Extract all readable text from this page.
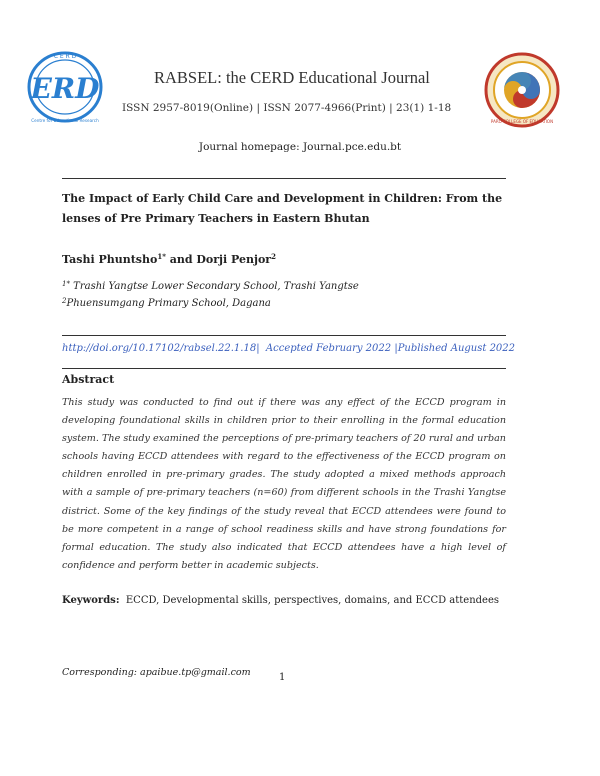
C E R D
ERD
Centre for Educational Research
RABSEL: the CERD Educational Journal
ISSN 2957-8019(Online) | ISSN 2077-4966(Print) | 23(1) 1-18
PARO COLLEGE OF EDUCATION
Journal homepage: Journal.pce.edu.bt
The Impact of Early Child Care and Development in Children: From the lenses of Pre Primary Teachers in Eastern Bhutan
Tashi Phuntsho$^{1*}$ and Dorji Penjor$^2$
$^{1*}$ Trashi Yangtse Lower Secondary School, Trashi Yangtse
$^2$Phuensumgang Primary School, Dagana
http://doi.org/10.17102/rabsel.22.1.18| Accepted February 2022 |Published August 2022
Abstract
This study was conducted to find out if there was any effect of the ECCD program in developing foundational skills in children prior to their enrolling in the formal education system. The study examined the perceptions of pre-primary teachers of 20 rural and urban schools having ECCD attendees with regard to the effectiveness of the ECCD program on children enrolled in pre-primary grades. The study adopted a mixed methods approach with a sample of pre-primary teachers (n=60) from different schools in the Trashi Yangtse district. Some of the key findings of the study reveal that ECCD attendees were found to be more competent in a range of school readiness skills and have strong foundations for formal education. The study also indicated that ECCD attendees have a high level of confidence and perform better in academic subjects.
Keywords: ECCD, Developmental skills, perspectives, domains, and ECCD attendees
Corresponding: apaibue.tp@gmail.com	1
